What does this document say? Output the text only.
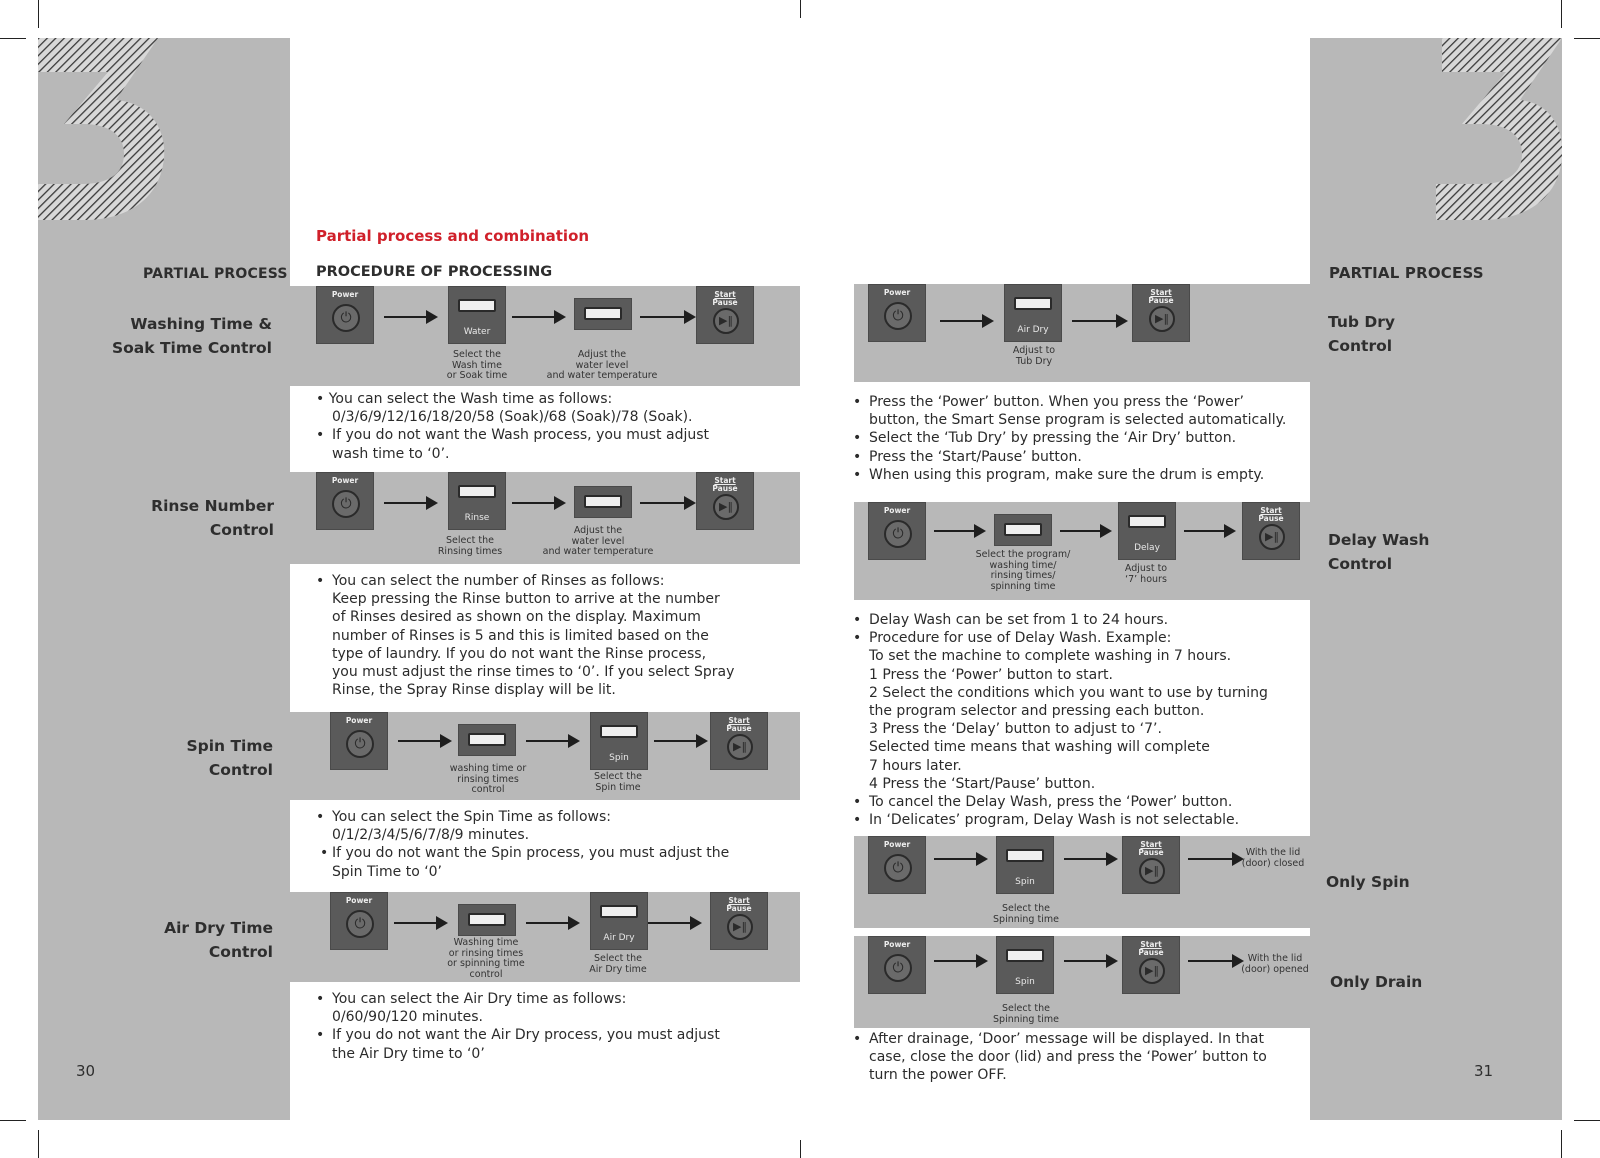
PARTIAL PROCESS
Washing Time &
Soak Time Control
Rinse Number
Control
Spin Time
Control
Air Dry Time
Control
30
PARTIAL PROCESS
Tub Dry
Control
Delay Wash
Control
Only Spin
Only Drain
31
Partial process and combination
PROCEDURE OF PROCESSING
Power
⏻
Water
Start
Pause
▶‖
Select the
Wash time
or Soak time
Adjust the
water level
and water temperature
• You can select the Wash time as follows:
0/3/6/9/12/16/18/20/58 (Soak)/68 (Soak)/78 (Soak).
• If you do not want the Wash process, you must adjust
wash time to ‘0’.
Power
⏻
Rinse
Start
Pause
▶‖
Select the
Rinsing times
Adjust the
water level
and water temperature
• You can select the number of Rinses as follows:
Keep pressing the Rinse button to arrive at the number
of Rinses desired as shown on the display. Maximum
number of Rinses is 5 and this is limited based on the
type of laundry. If you do not want the Rinse process,
you must adjust the rinse times to ‘0’. If you select Spray
Rinse, the Spray Rinse display will be lit.
Power
⏻
Spin
Start
Pause
▶‖
washing time or
rinsing times
control
Select the
Spin time
• You can select the Spin Time as follows:
0/1/2/3/4/5/6/7/8/9 minutes.
• If you do not want the Spin process, you must adjust the
Spin Time to ‘0’
Power
⏻
Air Dry
Start
Pause
▶‖
Washing time
or rinsing times
or spinning time
control
Select the
Air Dry time
• You can select the Air Dry time as follows:
0/60/90/120 minutes.
• If you do not want the Air Dry process, you must adjust
the Air Dry time to ‘0’
Power
⏻
Air Dry
Start
Pause
▶‖
Adjust to
Tub Dry
• Press the ‘Power’ button. When you press the ‘Power’
button, the Smart Sense program is selected automatically.
• Select the ‘Tub Dry’ by pressing the ‘Air Dry’ button.
• Press the ‘Start/Pause’ button.
• When using this program, make sure the drum is empty.
Power
⏻
Delay
Start
Pause
▶‖
Select the program/
washing time/
rinsing times/
spinning time
Adjust to
‘7’ hours
• Delay Wash can be set from 1 to 24 hours.
• Procedure for use of Delay Wash. Example:
To set the machine to complete washing in 7 hours.
1 Press the ‘Power’ button to start.
2 Select the conditions which you want to use by turning
the program selector and pressing each button.
3 Press the ‘Delay’ button to adjust to ‘7’.
Selected time means that washing will complete
7 hours later.
4 Press the ‘Start/Pause’ button.
• To cancel the Delay Wash, press the ‘Power’ button.
• In ‘Delicates’ program, Delay Wash is not selectable.
Power
⏻
Spin
Start
Pause
▶‖
With the lid
(door) closed
Select the
Spinning time
Power
⏻
Spin
Start
Pause
▶‖
With the lid
(door) opened
Select the
Spinning time
• After drainage, ‘Door’ message will be displayed. In that
case, close the door (lid) and press the ‘Power’ button to
turn the power OFF.
